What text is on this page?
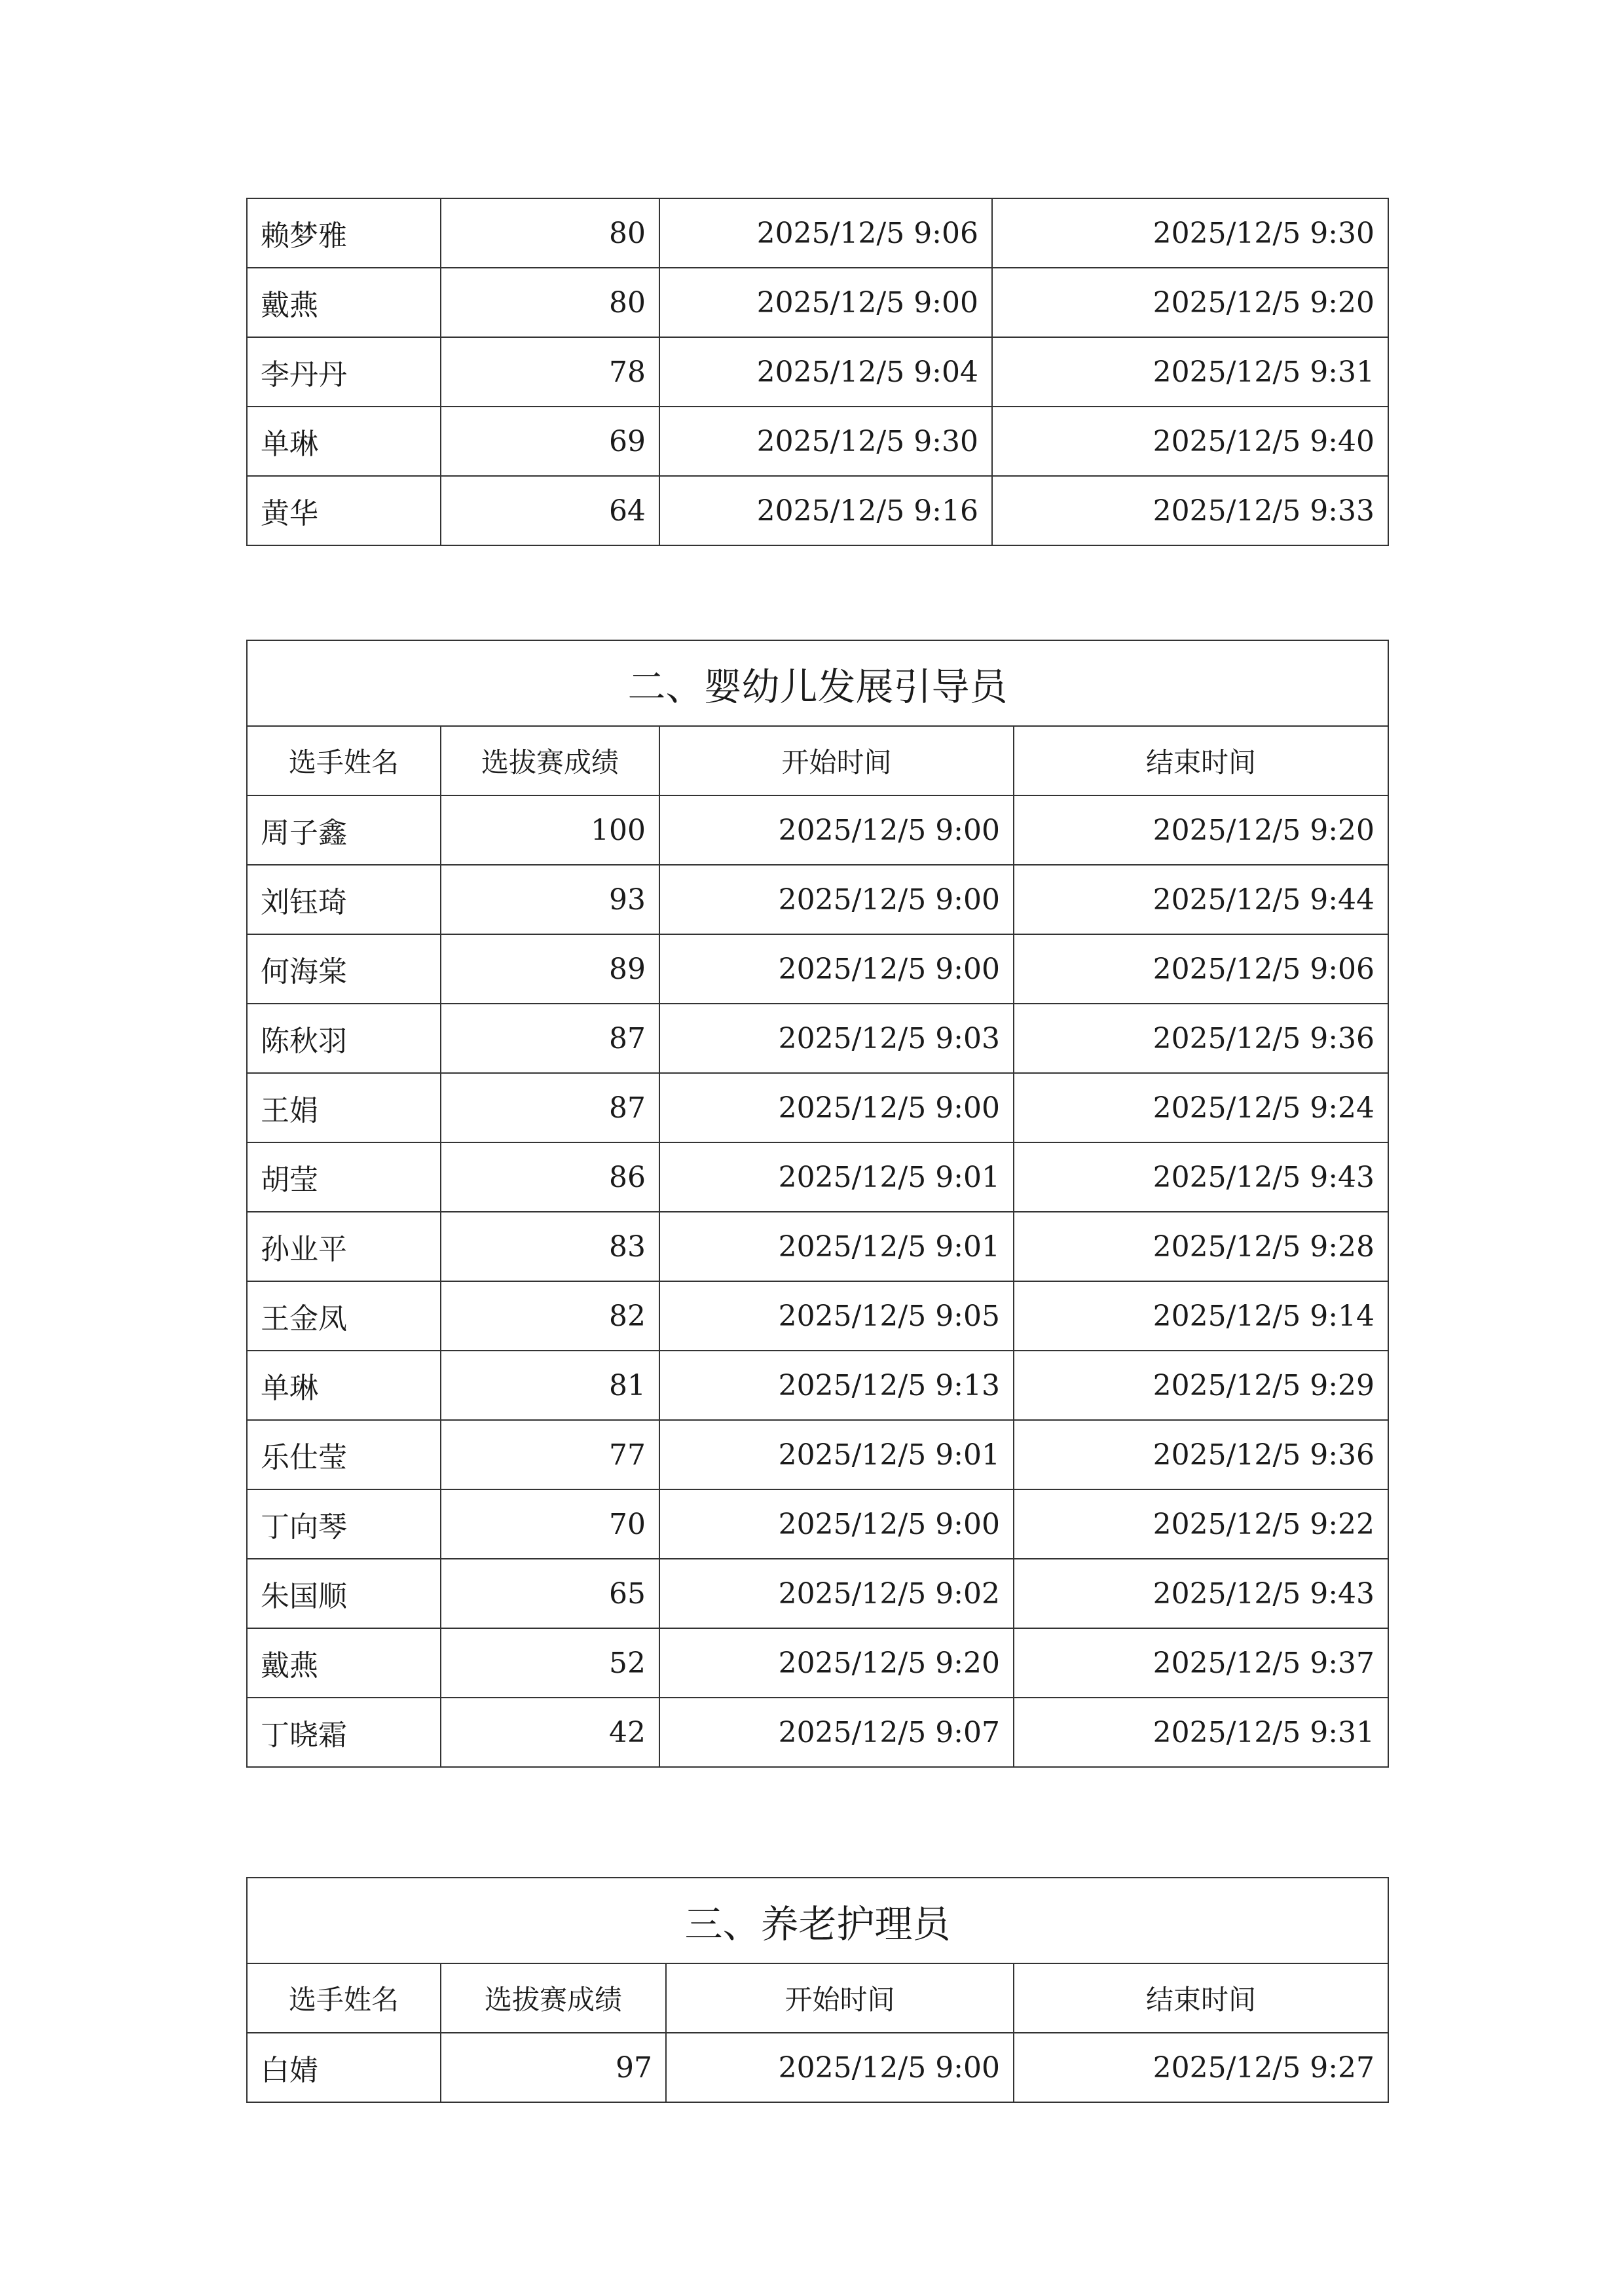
赖梦雅	80	2025/12/5 9:06	2025/12/5 9:30
戴燕	80	2025/12/5 9:00	2025/12/5 9:20
李丹丹	78	2025/12/5 9:04	2025/12/5 9:31
单琳	69	2025/12/5 9:30	2025/12/5 9:40
黄华	64	2025/12/5 9:16	2025/12/5 9:33
二、婴幼儿发展引导员			
选手姓名	选拔赛成绩	开始时间	结束时间
周子鑫	100	2025/12/5 9:00	2025/12/5 9:20
刘钰琦	93	2025/12/5 9:00	2025/12/5 9:44
何海棠	89	2025/12/5 9:00	2025/12/5 9:06
陈秋羽	87	2025/12/5 9:03	2025/12/5 9:36
王娟	87	2025/12/5 9:00	2025/12/5 9:24
胡莹	86	2025/12/5 9:01	2025/12/5 9:43
孙业平	83	2025/12/5 9:01	2025/12/5 9:28
王金凤	82	2025/12/5 9:05	2025/12/5 9:14
单琳	81	2025/12/5 9:13	2025/12/5 9:29
乐仕莹	77	2025/12/5 9:01	2025/12/5 9:36
丁向琴	70	2025/12/5 9:00	2025/12/5 9:22
朱国顺	65	2025/12/5 9:02	2025/12/5 9:43
戴燕	52	2025/12/5 9:20	2025/12/5 9:37
丁晓霜	42	2025/12/5 9:07	2025/12/5 9:31
三、养老护理员			
选手姓名	选拔赛成绩	开始时间	结束时间
白婧	97	2025/12/5 9:00	2025/12/5 9:27
